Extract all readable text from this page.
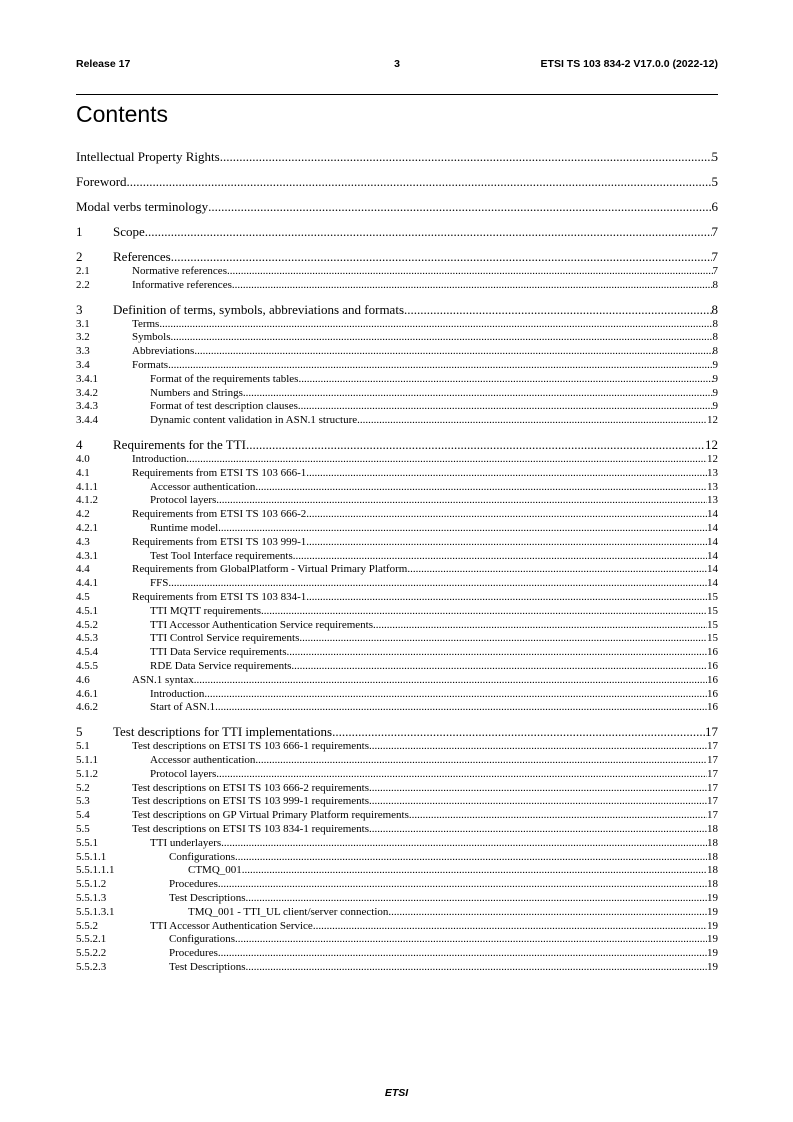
Release 17	3	ETSI TS 103 834-2 V17.0.0 (2022-12)
Contents
Intellectual Property Rights .....	5
Foreword .....	5
Modal verbs terminology .....	6
1 Scope .....	7
2 References .....	7
2.1	Normative references .....	7
2.2	Informative references .....	8
3 Definition of terms, symbols, abbreviations and formats .....	8
3.1	Terms .....	8
3.2	Symbols .....	8
3.3	Abbreviations .....	8
3.4	Formats .....	9
3.4.1	Format of the requirements tables .....	9
3.4.2	Numbers and Strings .....	9
3.4.3	Format of test description clauses .....	9
3.4.4	Dynamic content validation in ASN.1 structure .....	12
4 Requirements for the TTI .....	12
4.0	Introduction .....	12
4.1	Requirements from ETSI TS 103 666-1 .....	13
4.1.1	Accessor authentication .....	13
4.1.2	Protocol layers .....	13
4.2	Requirements from ETSI TS 103 666-2 .....	14
4.2.1	Runtime model .....	14
4.3	Requirements from ETSI TS 103 999-1 .....	14
4.3.1	Test Tool Interface requirements .....	14
4.4	Requirements from GlobalPlatform - Virtual Primary Platform .....	14
4.4.1	FFS .....	14
4.5	Requirements from ETSI TS 103 834-1 .....	15
4.5.1	TTI MQTT requirements .....	15
4.5.2	TTI Accessor Authentication Service requirements .....	15
4.5.3	TTI Control Service requirements .....	15
4.5.4	TTI Data Service requirements .....	16
4.5.5	RDE Data Service requirements .....	16
4.6	ASN.1 syntax .....	16
4.6.1	Introduction .....	16
4.6.2	Start of ASN.1 .....	16
5 Test descriptions for TTI implementations .....	17
5.1	Test descriptions on ETSI TS 103 666-1 requirements .....	17
5.1.1	Accessor authentication .....	17
5.1.2	Protocol layers .....	17
5.2	Test descriptions on ETSI TS 103 666-2 requirements .....	17
5.3	Test descriptions on ETSI TS 103 999-1 requirements .....	17
5.4	Test descriptions on GP Virtual Primary Platform requirements .....	17
5.5	Test descriptions on ETSI TS 103 834-1 requirements .....	18
5.5.1	TTI underlayers .....	18
5.5.1.1	Configurations .....	18
5.5.1.1.1	CTMQ_001 .....	18
5.5.1.2	Procedures .....	18
5.5.1.3	Test Descriptions .....	19
5.5.1.3.1	TMQ_001 - TTI_UL client/server connection .....	19
5.5.2	TTI Accessor Authentication Service .....	19
5.5.2.1	Configurations .....	19
5.5.2.2	Procedures .....	19
5.5.2.3	Test Descriptions .....	19
ETSI
